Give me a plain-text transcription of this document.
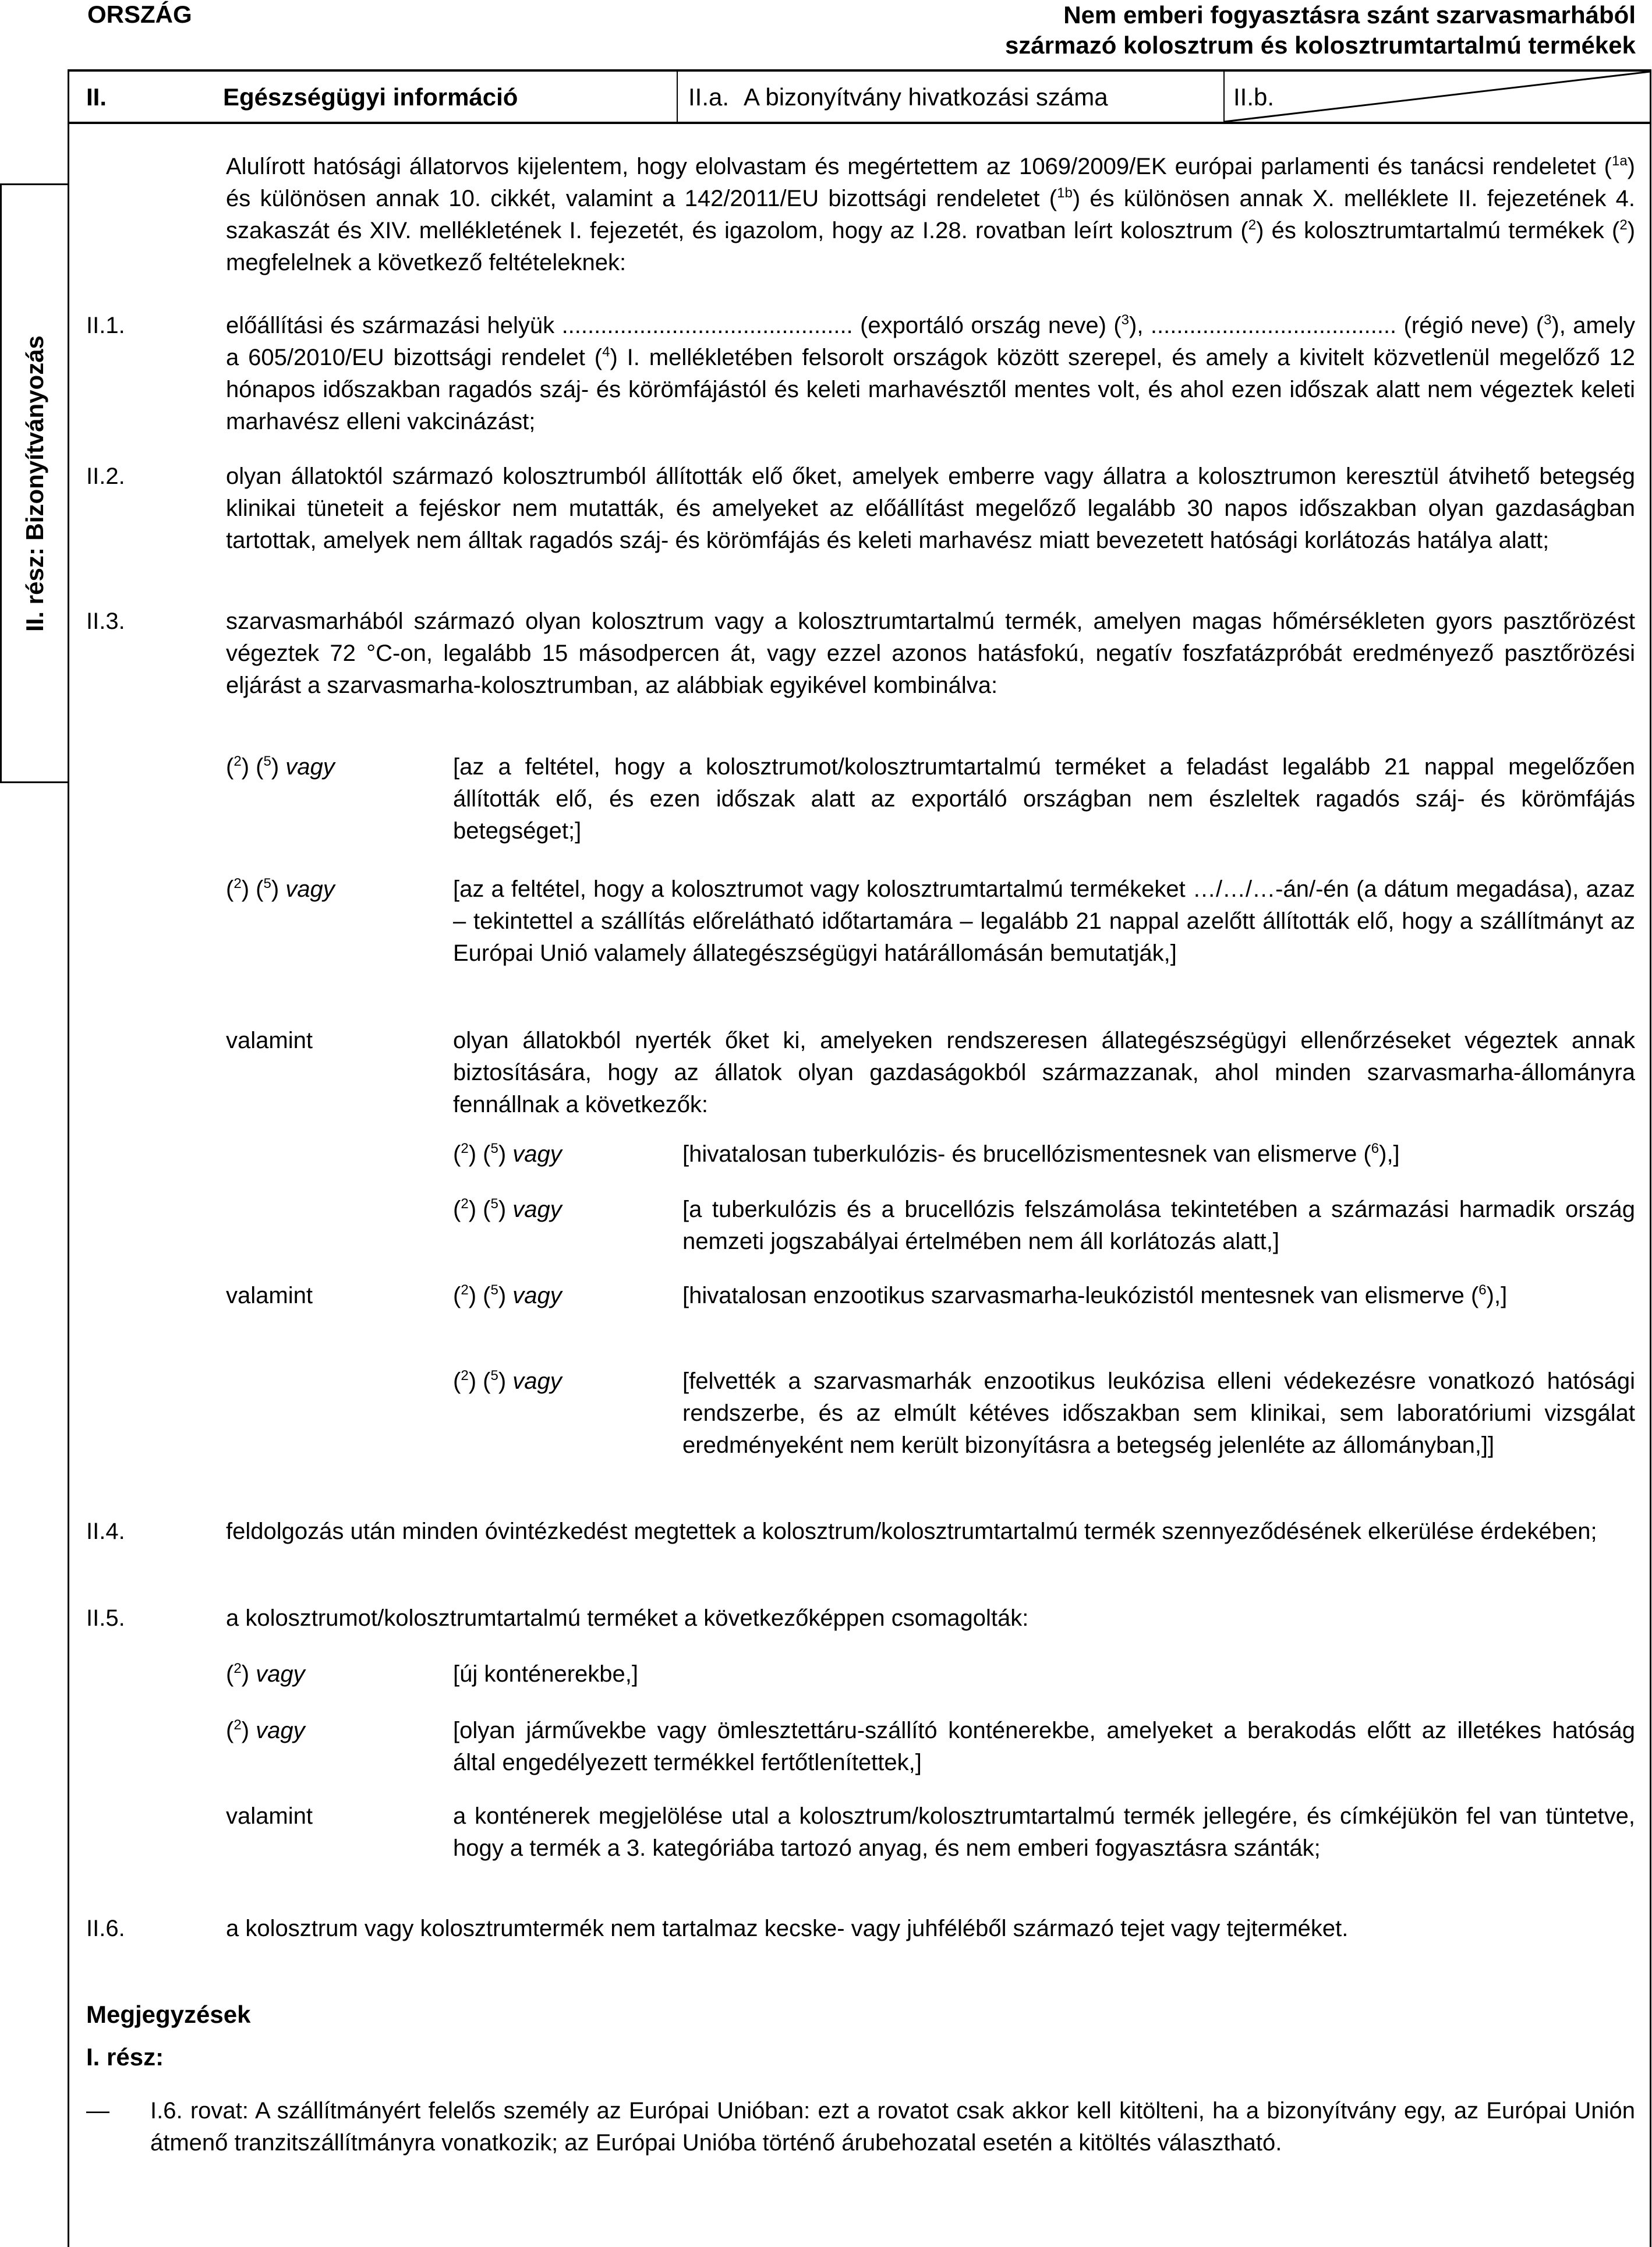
ORSZÁG	Nem emberi fogyasztásra szánt szarvasmarhából
származó kolosztrum és kolosztrumtartalmú termékek
II.	Egészségügyi információ	II.a. A bizonyítvány hivatkozási száma	II.b.
II. rész: Bizonyítványozás
Alulírott hatósági állatorvos kijelentem, hogy elolvastam és megértettem az 1069/2009/EK európai parlamenti és tanácsi rendeletet ($^{1a}$) és különösen annak 10. cikkét, valamint a 142/2011/EU bizottsági rendeletet ($^{1b}$) és különösen annak X. melléklete II. fejezetének 4. szakaszát és XIV. mellékletének I. fejezetét, és igazolom, hogy az I.28. rovatban leírt kolosztrum ($^2$) és kolosztrumtartalmú termékek ($^2$) megfelelnek a következő feltételeknek:
II.1.	előállítási és származási helyük ............................................. (exportáló ország neve) ($^3$), ...................................... (régió neve) ($^3$), amely a 605/2010/EU bizottsági rendelet ($^4$) I. mellékletében felsorolt országok között szerepel, és amely a kivitelt közvetlenül megelőző 12 hónapos időszakban ragadós száj- és körömfájástól és keleti marhavésztől mentes volt, és ahol ezen időszak alatt nem végeztek keleti marhavész elleni vakcinázást;
II.2.	olyan állatoktól származó kolosztrumból állították elő őket, amelyek emberre vagy állatra a kolosztrumon keresztül átvihető betegség klinikai tüneteit a fejéskor nem mutatták, és amelyeket az előállítást megelőző legalább 30 napos időszakban olyan gazdaságban tartottak, amelyek nem álltak ragadós száj- és körömfájás és keleti marhavész miatt bevezetett hatósági korlátozás hatálya alatt;
II.3.	szarvasmarhából származó olyan kolosztrum vagy a kolosztrumtartalmú termék, amelyen magas hőmérsékleten gyors pasztőrözést végeztek 72 °C-on, legalább 15 másodpercen át, vagy ezzel azonos hatásfokú, negatív foszfatázpróbát eredményező pasztőrözési eljárást a szarvasmarha-kolosztrumban, az alábbiak egyikével kombinálva:
($^2$) ($^5$) vagy	[az a feltétel, hogy a kolosztrumot/kolosztrumtartalmú terméket a feladást legalább 21 nappal megelőzően állították elő, és ezen időszak alatt az exportáló országban nem észleltek ragadós száj- és körömfájás betegséget;]
($^2$) ($^5$) vagy	[az a feltétel, hogy a kolosztrumot vagy kolosztrumtartalmú termékeket …/…/…-án/-én (a dátum megadása), azaz – tekintettel a szállítás előrelátható időtartamára – legalább 21 nappal azelőtt állították elő, hogy a szállítmányt az Európai Unió valamely állategészségügyi határállomásán bemutatják,]
valamint	olyan állatokból nyerték őket ki, amelyeken rendszeresen állategészségügyi ellenőrzéseket végeztek annak biztosítására, hogy az állatok olyan gazdaságokból származzanak, ahol minden szarvasmarha-állományra fennállnak a következők:
($^2$) ($^5$) vagy	[hivatalosan tuberkulózis- és brucellózismentesnek van elismerve ($^6$),]
($^2$) ($^5$) vagy	[a tuberkulózis és a brucellózis felszámolása tekintetében a származási harmadik ország nemzeti jogszabályai értelmében nem áll korlátozás alatt,]
valamint	($^2$) ($^5$) vagy	[hivatalosan enzootikus szarvasmarha-leukózistól mentesnek van elismerve ($^6$),]
($^2$) ($^5$) vagy	[felvették a szarvasmarhák enzootikus leukózisa elleni védekezésre vonatkozó hatósági rendszerbe, és az elmúlt kétéves időszakban sem klinikai, sem laboratóriumi vizsgálat eredményeként nem került bizonyításra a betegség jelenléte az állományban,]]
II.4.	feldolgozás után minden óvintézkedést megtettek a kolosztrum/kolosztrumtartalmú termék szennyeződésének elkerülése érdekében;
II.5.	a kolosztrumot/kolosztrumtartalmú terméket a következőképpen csomagolták:
($^2$) vagy	[új konténerekbe,]
($^2$) vagy	[olyan járművekbe vagy ömlesztettáru-szállító konténerekbe, amelyeket a berakodás előtt az illetékes hatóság által engedélyezett termékkel fertőtlenítettek,]
valamint	a konténerek megjelölése utal a kolosztrum/kolosztrumtartalmú termék jellegére, és címkéjükön fel van tüntetve, hogy a termék a 3. kategóriába tartozó anyag, és nem emberi fogyasztásra szánták;
II.6.	a kolosztrum vagy kolosztrumtermék nem tartalmaz kecske- vagy juhféléből származó tejet vagy tejterméket.
Megjegyzések
I. rész:
— I.6. rovat: A szállítmányért felelős személy az Európai Unióban: ezt a rovatot csak akkor kell kitölteni, ha a bizonyítvány egy, az Európai Unión átmenő tranzitszállítmányra vonatkozik; az Európai Unióba történő árubehozatal esetén a kitöltés választható.
